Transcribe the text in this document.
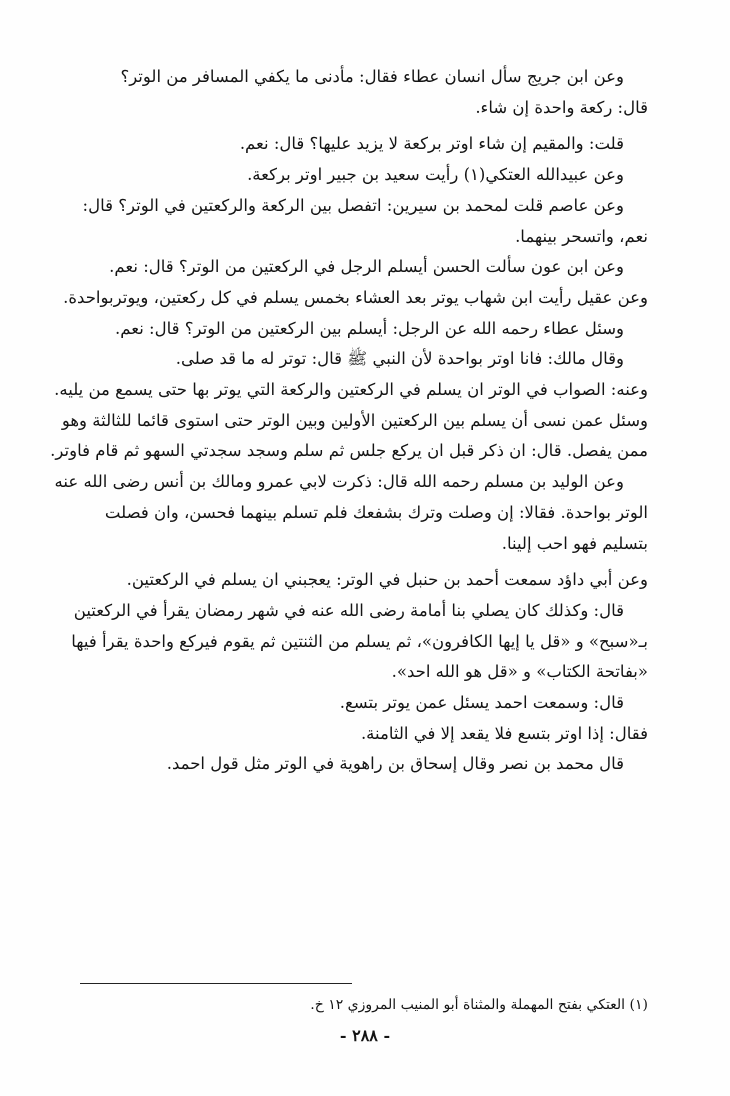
وعن ابن جريج سأل انسان عطاء فقال: مأدنى ما يكفي المسافر من الوتر؟

قال: ركعة واحدة إن شاء.

قلت: والمقيم إن شاء اوتر بركعة لا يزيد عليها؟ قال: نعم.

وعن عبيدالله العتكي(١) رأيت سعيد بن جبير اوتر بركعة.

وعن عاصم قلت لمحمد بن سيرين: اتفصل بين الركعة والركعتين في الوتر؟ قال:

نعم، واتسحر بينهما.

وعن ابن عون سألت الحسن أيسلم الرجل في الركعتين من الوتر؟ قال: نعم.

وعن عقيل رأيت ابن شهاب يوتر بعد العشاء بخمس يسلم في كل ركعتين، ويوتربواحدة.

وسئل عطاء رحمه الله عن الرجل: أيسلم بين الركعتين من الوتر؟ قال: نعم.

وقال مالك: فانا اوتر بواحدة لأن النبي ﷺ قال: توتر له ما قد صلى.

وعنه: الصواب في الوتر ان يسلم في الركعتين والركعة التي يوتر بها حتى يسمع من يليه.

وسئل عمن نسى أن يسلم بين الركعتين الأولين وبين الوتر حتى استوى قائما للثالثة وهو

ممن يفصل. قال: ان ذكر قبل ان يركع جلس ثم سلم وسجد سجدتي السهو ثم قام فاوتر.

وعن الوليد بن مسلم رحمه الله قال: ذكرت لابي عمرو ومالك بن أنس رضى الله عنه

الوتر بواحدة. فقالا: إن وصلت وترك بشفعك فلم تسلم بينهما فحسن، وان فصلت

بتسليم فهو احب إلينا.

وعن أبي داؤد سمعت أحمد بن حنبل في الوتر: يعجبني ان يسلم في الركعتين.

قال: وكذلك كان يصلي بنا أمامة رضى الله عنه في شهر رمضان يقرأ في الركعتين

بـ«سبح» و «قل يا إيها الكافرون»، ثم يسلم من الثنتين ثم يقوم فيركع واحدة يقرأ فيها

«بفاتحة الكتاب» و «قل هو الله احد».

قال: وسمعت احمد يسئل عمن يوتر بتسع.

فقال: إذا اوتر بتسع فلا يقعد إلا في الثامنة.

قال محمد بن نصر وقال إسحاق بن راهوية في الوتر مثل قول احمد.

(١) العتكي بفتح المهملة والمثناة أبو المنيب المروزي ١٢ خ.

- ٢٨٨ -
